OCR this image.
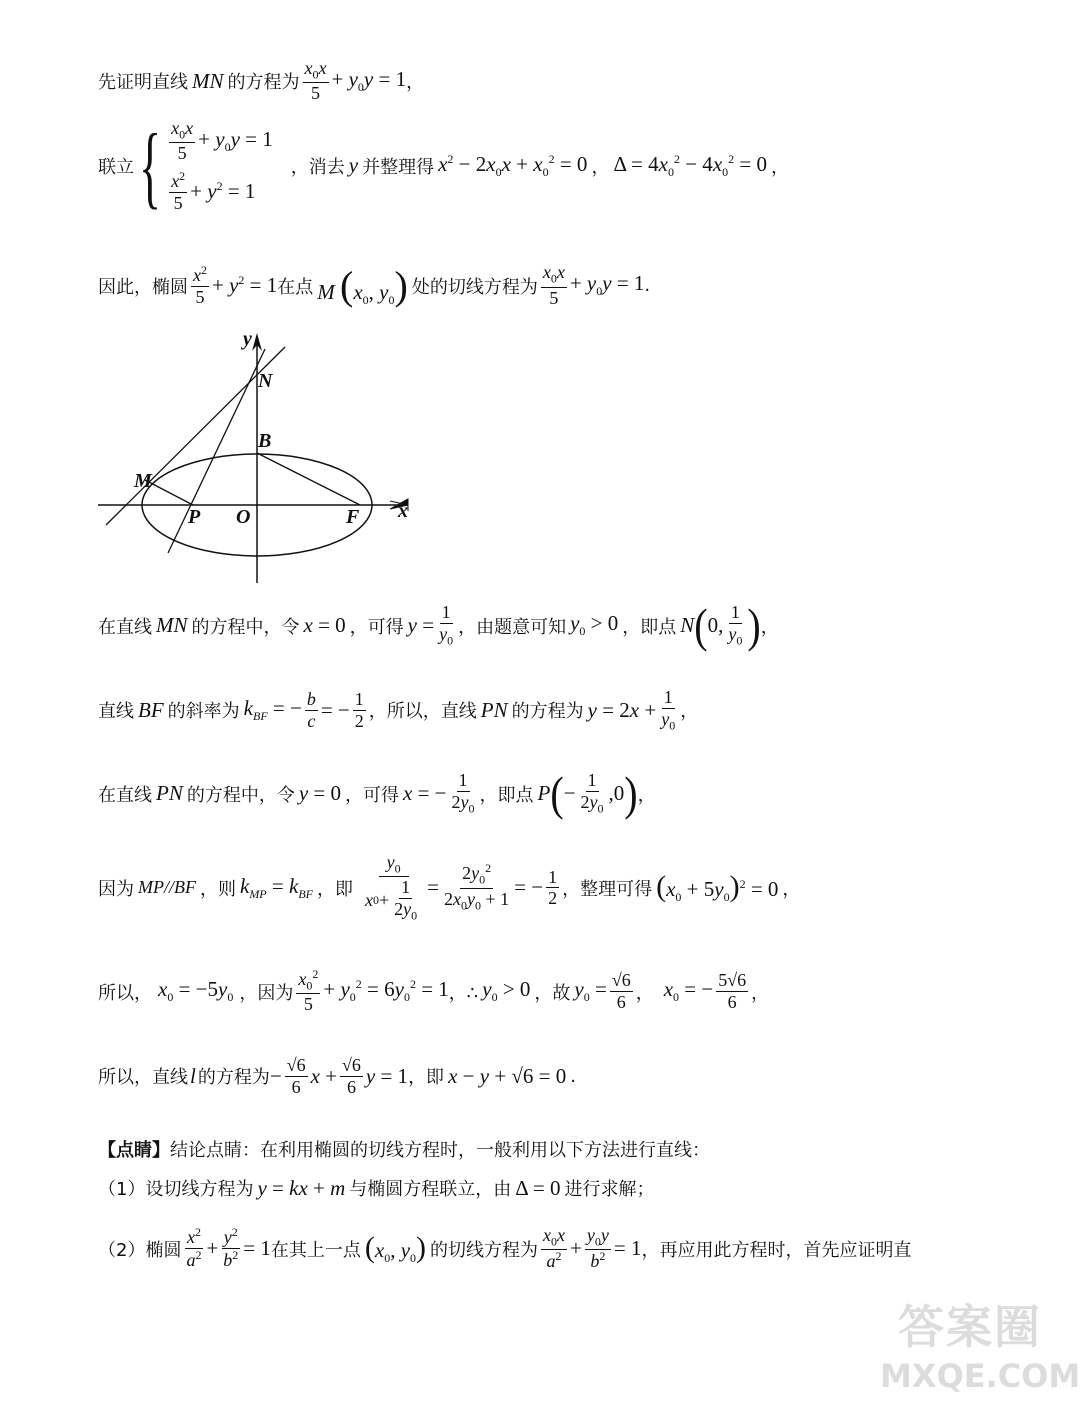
先证明直线 MN 的方程为 $\frac{x_0x}{5} + y_0y = 1$ ，
联立 { $\frac{x_0x}{5} + y_0y = 1$
$\frac{x^2}{5} + y^2 = 1$
，消去 y 并整理得 $x^2 - 2x_0x + x_0^2 = 0$ ， $\Delta = 4x_0^2 - 4x_0^2 = 0$ ，
因此，椭圆 $\frac{x^2}{5} + y^2 = 1$ 在点 M ($x_0$, $y_0$) 处的切线方程为 $\frac{x_0x}{5} + y_0y = 1$ .
y
N
B
M
P O	F x
在直线 MN 的方程中，令 x = 0 ，可得 $y = \frac{1}{y_0}$ ，由题意可知 $y_0 > 0$ ，即点 N ( 0, $\frac{1}{y_0}$ ) ，
直线 BF 的斜率为 $k_{BF}$ = − $\frac{b}{c}$ = − $\frac{1}{2}$ ，所以，直线 PN 的方程为 $y = 2x + \frac{1}{y_0}$ ，
在直线 PN 的方程中，令 y = 0 ，可得 x = − $\frac{1}{2y_0}$ ，即点 P ( − $\frac{1}{2y_0} ,0$ ) ，
因为 MP//BF ，则 $k_{MP} = k_{BF}$ ，即 $\frac{y_0}{x 0 + \frac{1}{2y_0}} = \frac{2y_0^2}{2x_0y_0 + 1}$ = − $\frac{1}{2}$ ，整理可得 $(x_0 + 5y_0)^2 = 0$ ，
所以， $x_0 = -5y_0$ ，因为 $\frac{x_0^2}{5} + y_0^2 = 6y_0^2 = 1$ ，∴ $y_0 > 0$ ，故 $y_0 = \frac{√6}{6}$ ， $x_0$ = − $\frac{5√6}{6}$ ，
所以，直线 l 的方程为 − $\frac{√6}{6}$ $x + \frac{√6}{6}$ y = 1 ，即 x − y + √6 = 0 .
【点睛】 结论点睛：在利用椭圆的切线方程时，一般利用以下方法进行直线：
（1）设切线方程为 y = kx + m 与椭圆方程联立，由 Δ = 0 进行求解；
（2）椭圆 $\frac{x^2}{a^2} + \frac{y^2}{b^2} = 1$ 在其上一点 ($x_0$, $y_0$) 的切线方程为 $\frac{x_0x}{a^2} + \frac{y_0y}{b^2} = 1$ ，再应用此方程时，首先应证明直
答案圈
MXQE.COM
